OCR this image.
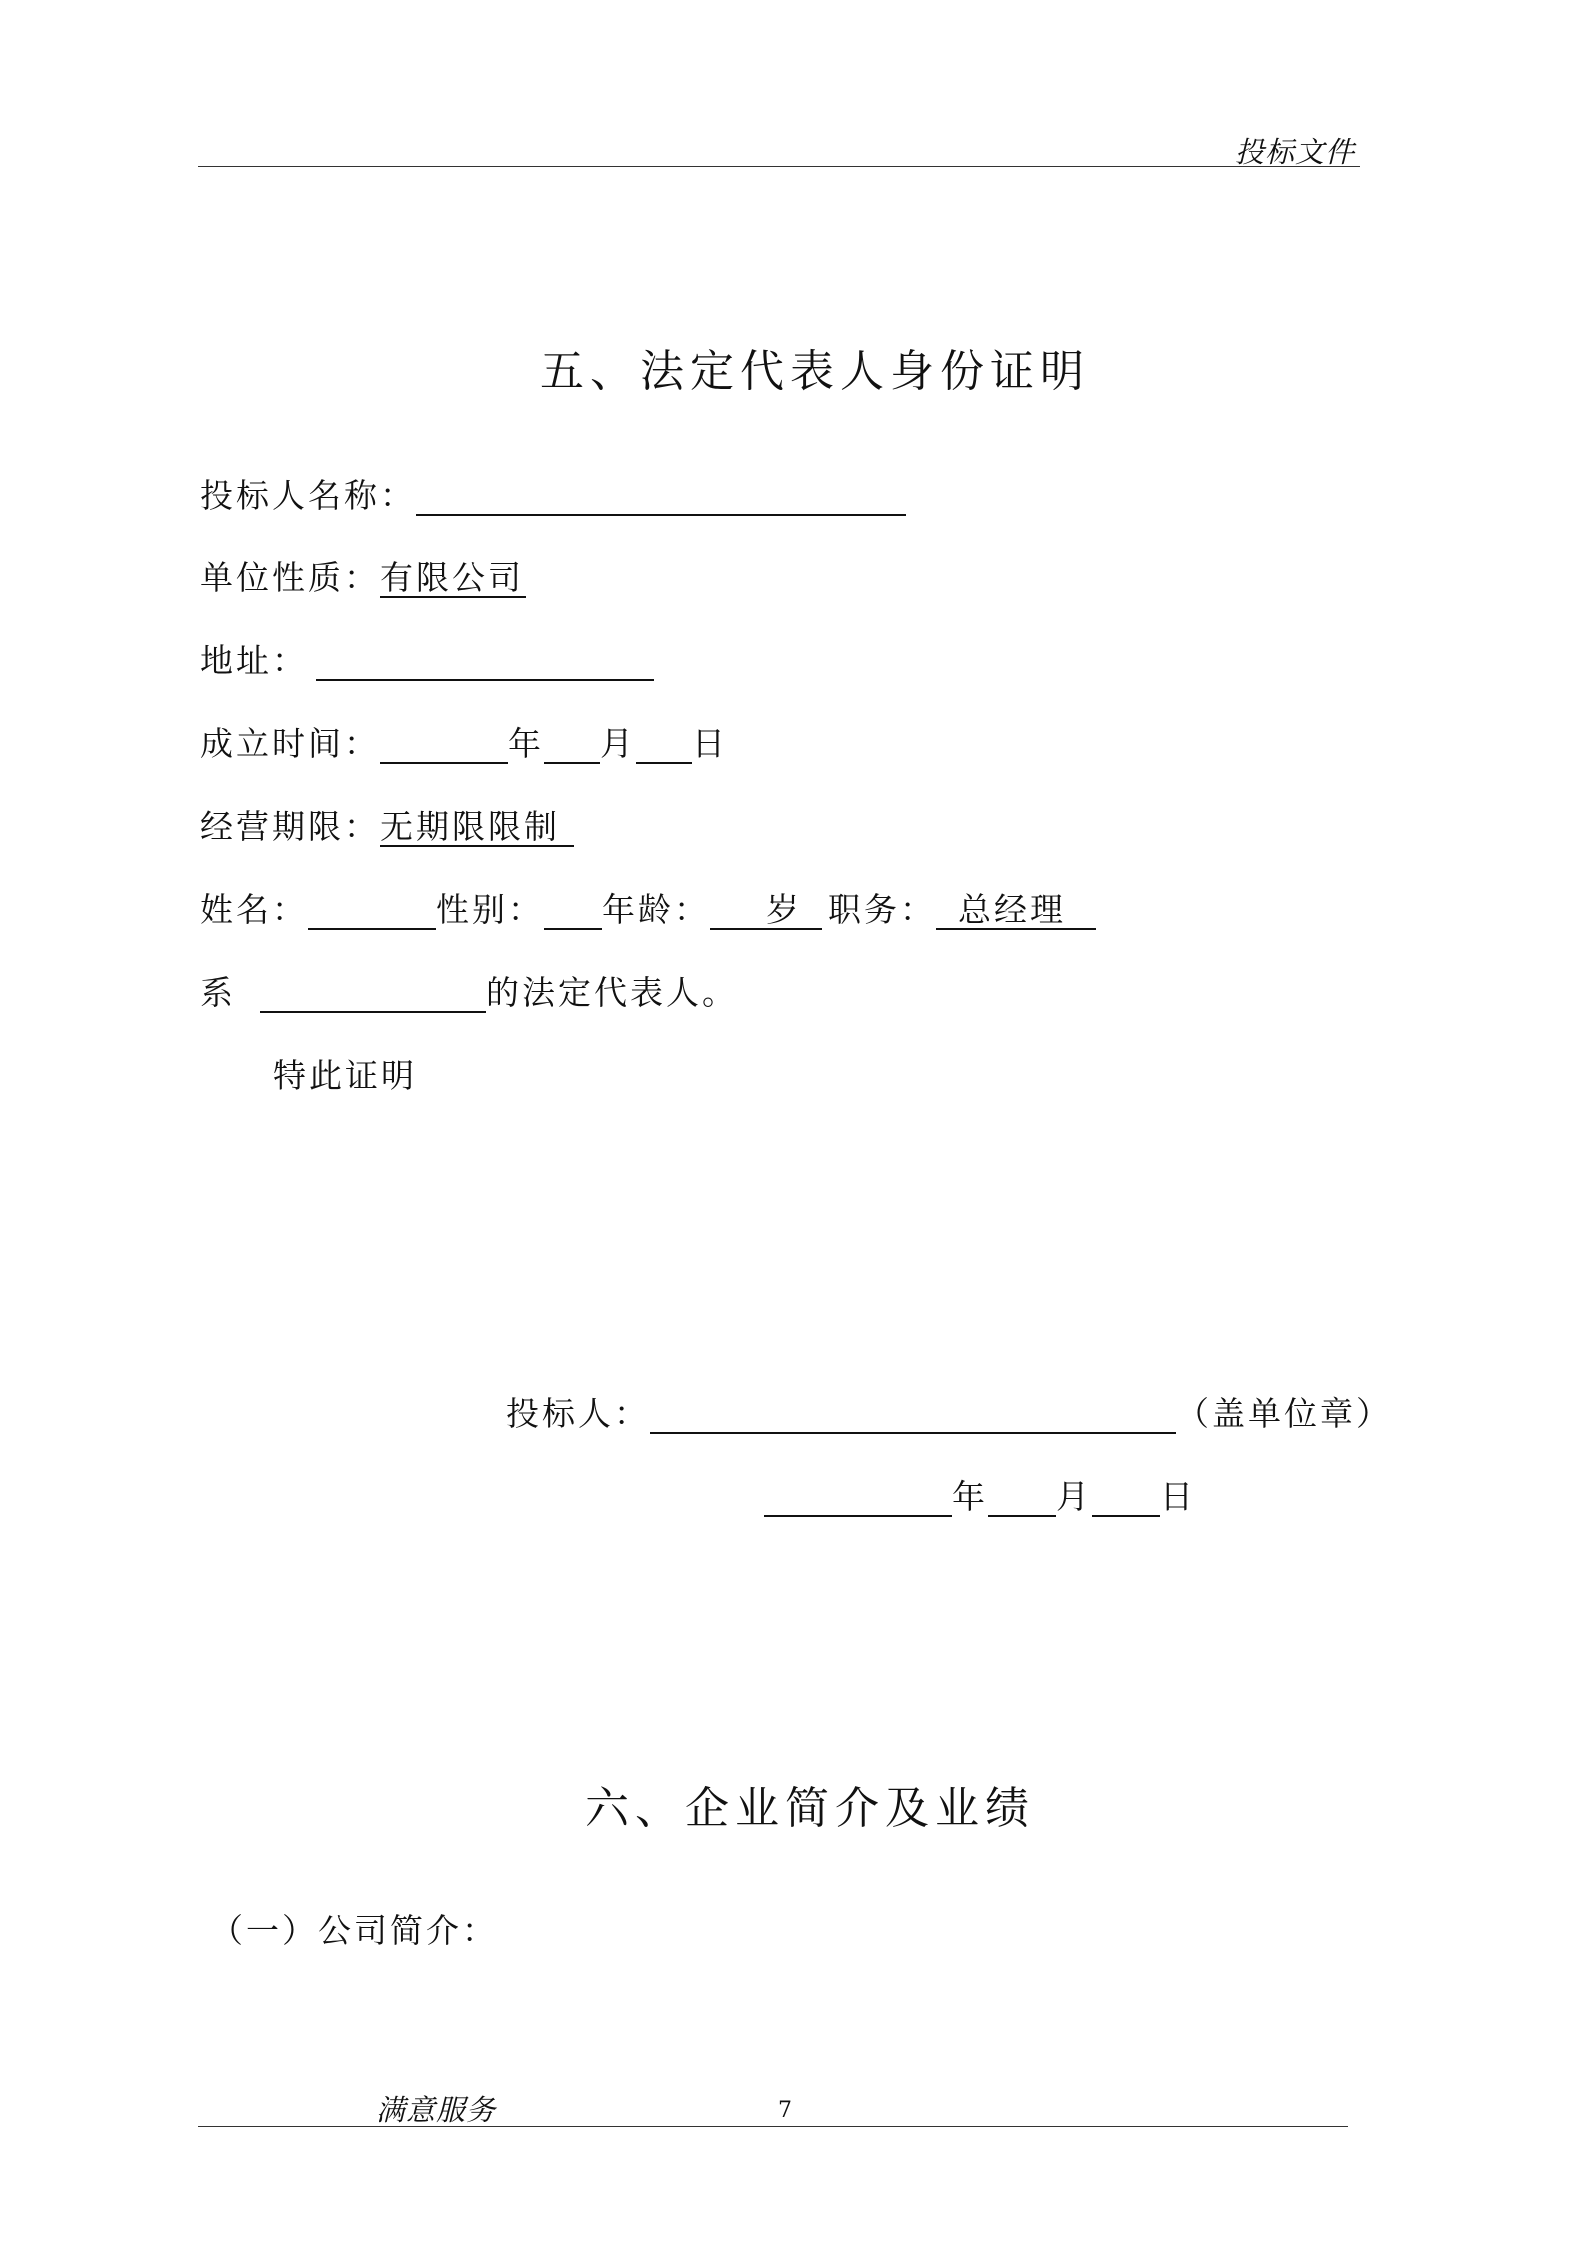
投标文件
五、法定代表人身份证明
投标人名称：
单位性质：有限公司
地址：
成立时间：	年 月 日
经营期限：无期限限制
姓名：	性别： 年龄： 岁 职务： 总经理
系	的法定代表人。
特此证明
投标人：	（盖单位章）
年 月 日
六、企业简介及业绩
（一）公司简介：
满意服务	7
